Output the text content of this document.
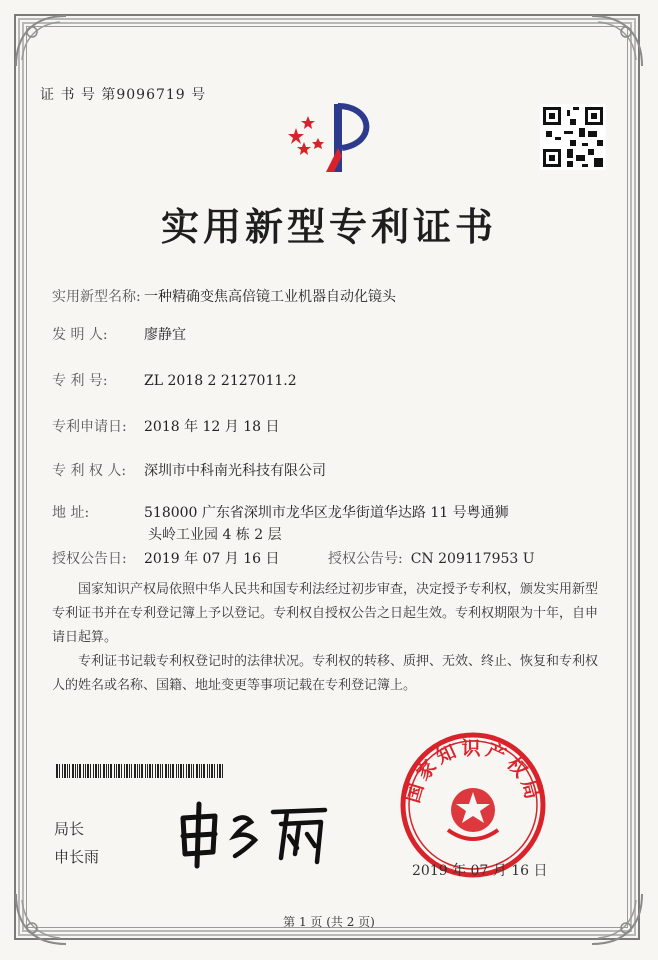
证 书 号 第9096719 号
实用新型专利证书
实用新型名称: 一种精确变焦高倍镜工业机器自动化镜头
发 明 人:	廖静宜
专 利 号:	ZL 2018 2 2127011.2
专利申请日: 2018 年 12 月 18 日
专 利 权 人: 深圳市中科南光科技有限公司
地 址:	518000 广东省深圳市龙华区龙华街道华达路 11 号粤通狮
头岭工业园 4 栋 2 层
授权公告日: 2019 年 07 月 16 日	授权公告号: CN 209117953 U
国家知识产权局依照中华人民共和国专利法经过初步审查，决定授予专利权，颁发实用新型专利证书并在专利登记簿上予以登记。专利权自授权公告之日起生效。专利权期限为十年，自申请日起算。
专利证书记载专利权登记时的法律状况。专利权的转移、质押、无效、终止、恢复和专利权人的姓名或名称、国籍、地址变更等事项记载在专利登记簿上。
局长
申长雨
国家知识产权局
2019 年 07 月 16 日
第 1 页 (共 2 页)
